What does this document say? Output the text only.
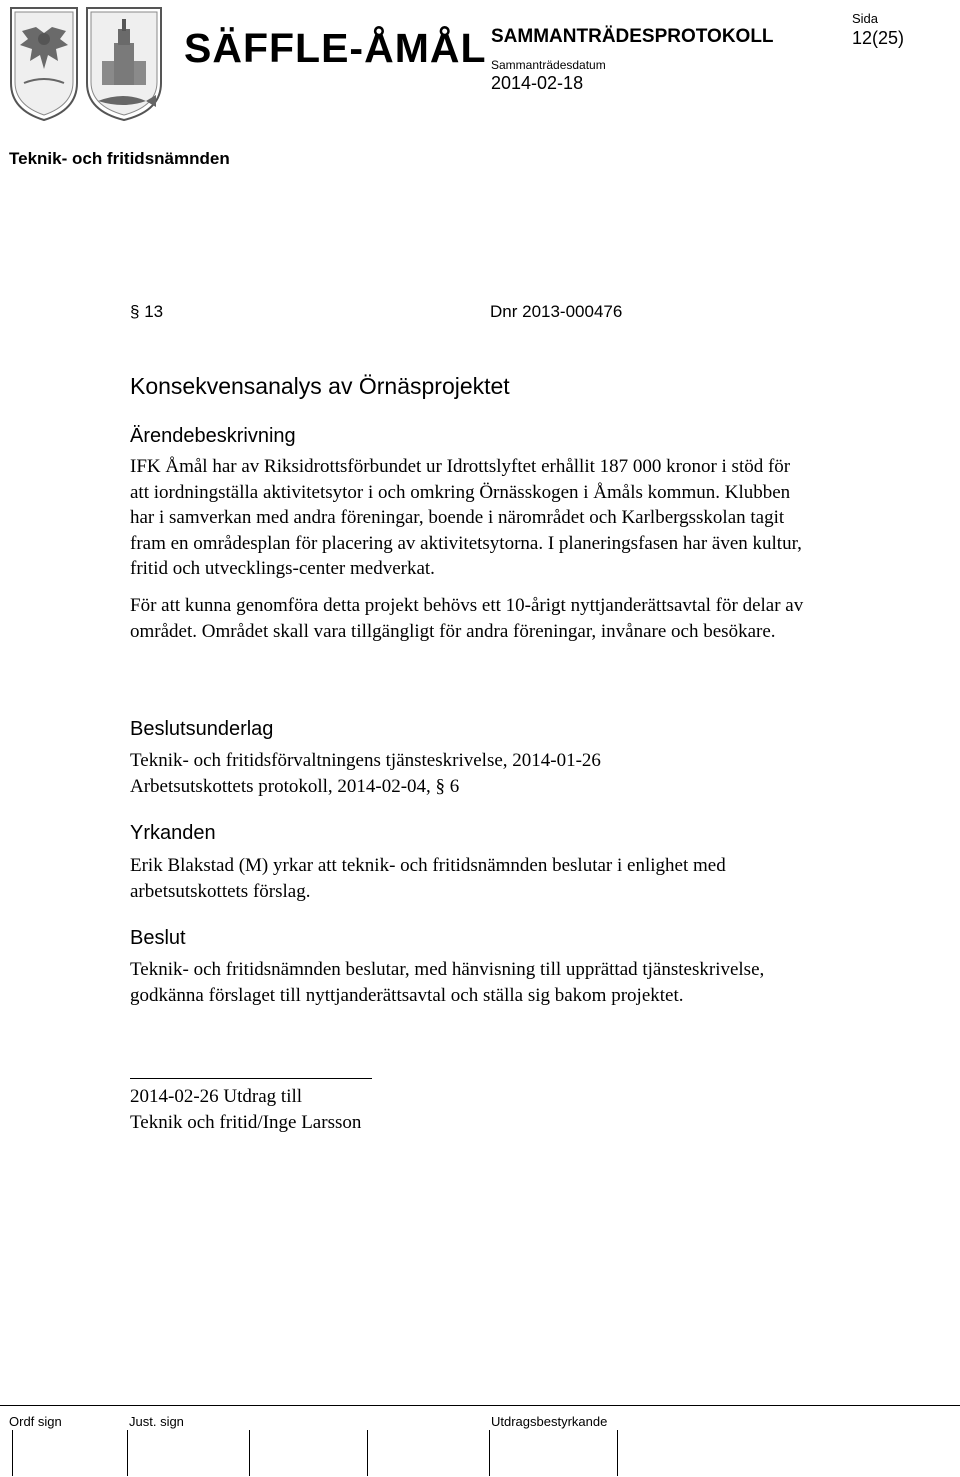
SÄFFLE-ÅMÅL SAMMANTRÄDESPROTOKOLL
Sammanträdesdatum
2014-02-18
Sida
12(25)
Teknik- och fritidsnämnden
§ 13	Dnr 2013-000476
Konsekvensanalys av Örnäsprojektet
Ärendebeskrivning

IFK Åmål har av Riksidrottsförbundet ur Idrottslyftet erhållit 187 000 kronor i stöd för att iordningställa aktivitetsytor i och omkring Örnässkogen i Åmåls kommun. Klubben har i samverkan med andra föreningar, boende i närområdet och Karlbergsskolan tagit fram en områdesplan för placering av aktivitetsytorna. I planeringsfasen har även kultur, fritid och utvecklings-center medverkat.

För att kunna genomföra detta projekt behövs ett 10-årigt nyttjanderättsavtal för delar av området. Området skall vara tillgängligt för andra föreningar, invånare och besökare.

Beslutsunderlag

Teknik- och fritidsförvaltningens tjänsteskrivelse, 2014-01-26

Arbetsutskottets protokoll, 2014-02-04, § 6

Yrkanden
Erik Blakstad (M) yrkar att teknik- och fritidsnämnden beslutar i enlighet med arbetsutskottets förslag.
Beslut
Teknik- och fritidsnämnden beslutar, med hänvisning till upprättad tjänsteskrivelse, godkänna förslaget till nyttjanderättsavtal och ställa sig bakom projektet.

2014-02-26 Utdrag till

Teknik och fritid/Inge Larsson

Ordf sign	Just. sign	Utdragsbestyrkande
